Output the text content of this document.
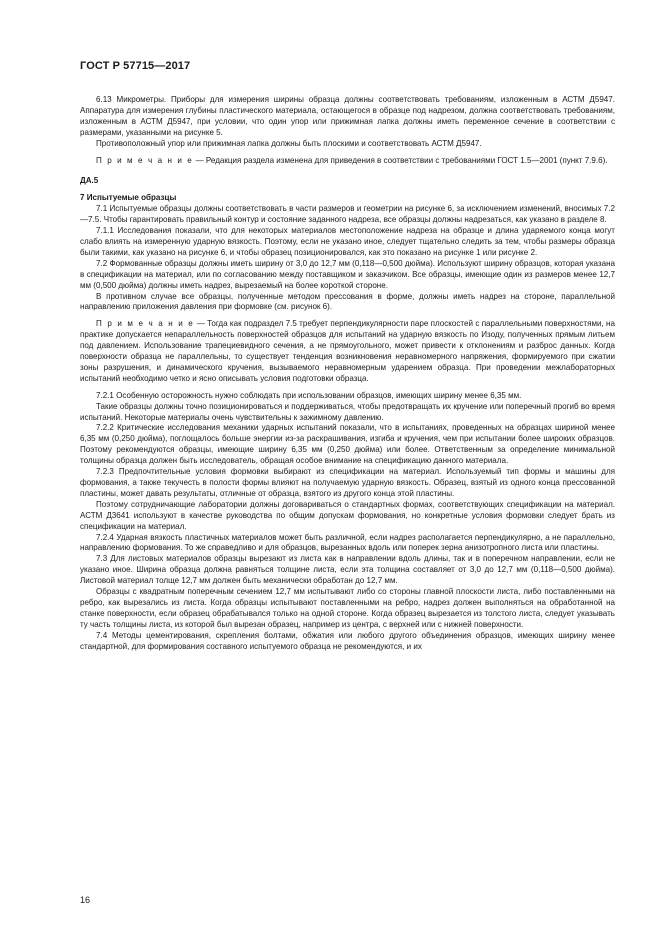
ГОСТ Р 57715—2017

6.13 Микрометры. Приборы для измерения ширины образца должны соответствовать требованиям, изложенным в АСТМ Д5947. Аппаратура для измерения глубины пластического материала, остающегося в образце под надрезом, должна соответствовать требованиям, изложенным в АСТМ Д5947, при условии, что один упор или прижимная лапка должны иметь переменное сечение в соответствии с размерами, указанными на рисунке 5.

Противоположный упор или прижимная лапка должны быть плоскими и соответствовать АСТМ Д5947.

П р и м е ч а н и е — Редакция раздела изменена для приведения в соответствии с требованиями ГОСТ 1.5—2001 (пункт 7.9.6).

ДА.5

7 Испытуемые образцы

7.1 Испытуемые образцы должны соответствовать в части размеров и геометрии на рисунке 6, за исключением изменений, вносимых 7.2—7.5. Чтобы гарантировать правильный контур и состояние заданного надреза, все образцы должны надрезаться, как указано в разделе 8.

7.1.1 Исследования показали, что для некоторых материалов местоположение надреза на образце и длина ударяемого конца могут слабо влиять на измеренную ударную вязкость. Поэтому, если не указано иное, следует тщательно следить за тем, чтобы размеры образца были такими, как указано на рисунке 6, и чтобы образец позиционировался, как это показано на рисунке 1 или рисунке 2.

7.2 Формованные образцы должны иметь ширину от 3,0 до 12,7 мм (0,118—0,500 дюйма). Используют ширину образцов, которая указана в спецификации на материал, или по согласованию между поставщиком и заказчиком. Все образцы, имеющие один из размеров менее 12,7 мм (0,500 дюйма) должны иметь надрез, вырезаемый на более короткой стороне.

В противном случае все образцы, полученные методом прессования в форме, должны иметь надрез на стороне, параллельной направлению приложения давления при формовке (см. рисунок 6).

П р и м е ч а н и е — Тогда как подраздел 7.5 требует перпендикулярности паре плоскостей с параллельными поверхностями, на практике допускается непараллельность поверхностей образцов для испытаний на ударную вязкость по Изоду, полученных прямым литьем под давлением. Использование трапециевидного сечения, а не прямоугольного, может привести к отклонениям и разброс данных. Когда поверхности образца не параллельны, то существует тенденция возникновения неравномерного напряжения, формируемого при сжатии зоны разрушения, и динамического кручения, вызываемого неравномерным ударением образца. При проведении межлабораторных испытаний необходимо четко и ясно описывать условия подготовки образца.

7.2.1 Особенную осторожность нужно соблюдать при использовании образцов, имеющих ширину менее 6,35 мм.

Такие образцы должны точно позиционироваться и поддерживаться, чтобы предотвращать их кручение или поперечный прогиб во время испытаний. Некоторые материалы очень чувствительны к зажимному давлению.

7.2.2 Критические исследования механики ударных испытаний показали, что в испытаниях, проведенных на образцах шириной менее 6,35 мм (0,250 дюйма), поглощалось больше энергии из-за раскрашивания, изгиба и кручения, чем при испытании более широких образцов. Поэтому рекомендуются образцы, имеющие ширину 6,35 мм (0,250 дюйма) или более. Ответственным за определение минимальной толщины образца должен быть исследователь, обращая особое внимание на спецификацию данного материала.

7.2.3 Предпочтительные условия формовки выбирают из спецификации на материал. Используемый тип формы и машины для формования, а также текучесть в полости формы влияют на получаемую ударную вязкость. Образец, взятый из одного конца прессованной пластины, может давать результаты, отличные от образца, взятого из другого конца этой пластины.

Поэтому сотрудничающие лаборатории должны договариваться о стандартных формах, соответствующих спецификации на материал. АСТМ Д3641 используют в качестве руководства по общим допускам формования, но конкретные условия формовки следует брать из спецификации на материал.

7.2.4 Ударная вязкость пластичных материалов может быть различной, если надрез располагается перпендикулярно, а не параллельно, направлению формования. То же справедливо и для образцов, вырезанных вдоль или поперек зерна анизотропного листа или пластины.

7.3 Для листовых материалов образцы вырезают из листа как в направлении вдоль длины, так и в поперечном направлении, если не указано иное. Ширина образца должна равняться толщине листа, если эта толщина составляет от 3,0 до 12,7 мм (0,118—0,500 дюйма). Листовой материал толще 12,7 мм должен быть механически обработан до 12,7 мм.

Образцы с квадратным поперечным сечением 12,7 мм испытывают либо со стороны главной плоскости листа, либо поставленными на ребро, как вырезались из листа. Когда образцы испытывают поставленными на ребро, надрез должен выполняться на обработанной на станке поверхности, если образец обрабатывался только на одной стороне. Когда образец вырезается из толстого листа, следует указывать ту часть толщины листа, из которой был вырезан образец, например из центра, с верхней или с нижней поверхности.

7.4 Методы цементирования, скрепления болтами, обжатия или любого другого объединения образцов, имеющих ширину менее стандартной, для формирования составного испытуемого образца не рекомендуются, и их

16
